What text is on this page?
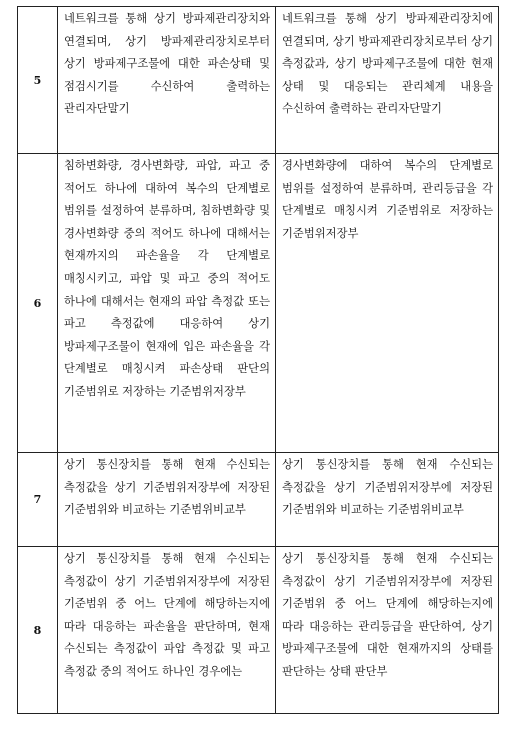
5	네트워크를 통해 상기 방파제관리장치와 연결되며, 상기 방파제관리장치로부터 상기 방파제구조물에 대한 파손상태 및 점검시기를 수신하여 출력하는 관리자단말기	네트워크를 통해 상기 방파제관리장치에 연결되며, 상기 방파제관리장치로부터 상기 측정값과, 상기 방파제구조물에 대한 현재 상태 및 대응되는 관리체계 내용을 수신하여 출력하는 관리자단말기

6	침하변화량, 경사변화량, 파압, 파고 중 적어도 하나에 대하여 복수의 단계별로 범위를 설정하여 분류하며, 침하변화량 및 경사변화량 중의 적어도 하나에 대해서는 현재까지의 파손율을 각 단계별로 매칭시키고, 파압 및 파고 중의 적어도 하나에 대해서는 현재의 파압 측정값 또는 파고 측정값에 대응하여 상기 방파제구조물이 현재에 입은 파손율을 각 단계별로 매칭시켜 파손상태 판단의 기준범위로 저장하는 기준범위저장부	경사변화량에 대하여 복수의 단계별로 범위를 설정하여 분류하며, 관리등급을 각 단계별로 매칭시켜 기준범위로 저장하는 기준범위저장부

7	상기 통신장치를 통해 현재 수신되는 측정값을 상기 기준범위저장부에 저장된 기준범위와 비교하는 기준범위비교부	상기 통신장치를 통해 현재 수신되는 측정값을 상기 기준범위저장부에 저장된 기준범위와 비교하는 기준범위비교부

8	상기 통신장치를 통해 현재 수신되는 측정값이 상기 기준범위저장부에 저장된 기준범위 중 어느 단계에 해당하는지에 따라 대응하는 파손율을 판단하며, 현재 수신되는 측정값이 파압 측정값 및 파고 측정값 중의 적어도 하나인 경우에는	상기 통신장치를 통해 현재 수신되는 측정값이 상기 기준범위저장부에 저장된 기준범위 중 어느 단계에 해당하는지에 따라 대응하는 관리등급을 판단하여, 상기 방파제구조물에 대한 현재까지의 상태를 판단하는 상태 판단부
